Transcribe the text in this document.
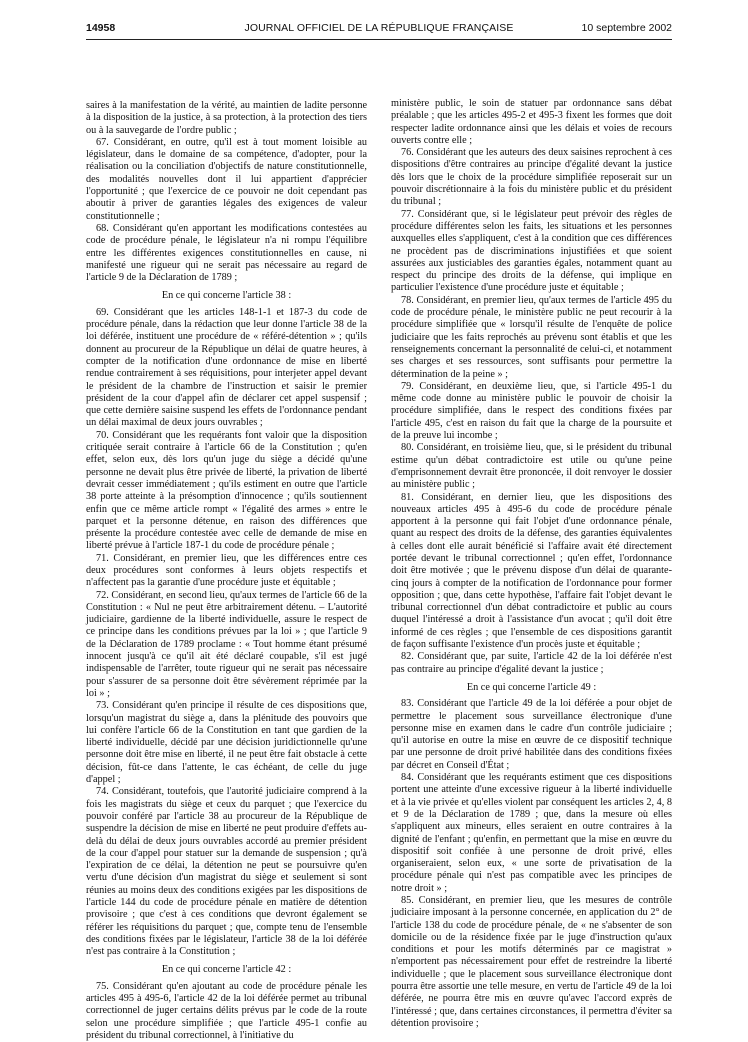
14958	JOURNAL OFFICIEL DE LA RÉPUBLIQUE FRANÇAISE	10 septembre 2002

saires à la manifestation de la vérité, au maintien de ladite personne à la disposition de la justice, à sa protection, à la protection des tiers ou à la sauvegarde de l'ordre public ;

67. Considérant, en outre, qu'il est à tout moment loisible au législateur, dans le domaine de sa compétence, d'adopter, pour la réalisation ou la conciliation d'objectifs de nature constitutionnelle, des modalités nouvelles dont il lui appartient d'apprécier l'opportunité ; que l'exercice de ce pouvoir ne doit cependant pas aboutir à priver de garanties légales des exigences de valeur constitutionnelle ;

68. Considérant qu'en apportant les modifications contestées au code de procédure pénale, le législateur n'a ni rompu l'équilibre entre les différentes exigences constitutionnelles en cause, ni manifesté une rigueur qui ne serait pas nécessaire au regard de l'article 9 de la Déclaration de 1789 ;

En ce qui concerne l'article 38 :

69. Considérant que les articles 148-1-1 et 187-3 du code de procédure pénale, dans la rédaction que leur donne l'article 38 de la loi déférée, instituent une procédure de « référé-détention » ; qu'ils donnent au procureur de la République un délai de quatre heures, à compter de la notification d'une ordonnance de mise en liberté rendue contrairement à ses réquisitions, pour interjeter appel devant le président de la chambre de l'instruction et saisir le premier président de la cour d'appel afin de déclarer cet appel suspensif ; que cette dernière saisine suspend les effets de l'ordonnance pendant un délai maximal de deux jours ouvrables ;

70. Considérant que les requérants font valoir que la disposition critiquée serait contraire à l'article 66 de la Constitution ; qu'en effet, selon eux, dès lors qu'un juge du siège a décidé qu'une personne ne devait plus être privée de liberté, la privation de liberté devrait cesser immédiatement ; qu'ils estiment en outre que l'article 38 porte atteinte à la présomption d'innocence ; qu'ils soutiennent enfin que ce même article rompt « l'égalité des armes » entre le parquet et la personne détenue, en raison des différences que présente la procédure contestée avec celle de demande de mise en liberté prévue à l'article 187-1 du code de procédure pénale ;

71. Considérant, en premier lieu, que les différences entre ces deux procédures sont conformes à leurs objets respectifs et n'affectent pas la garantie d'une procédure juste et équitable ;

72. Considérant, en second lieu, qu'aux termes de l'article 66 de la Constitution : « Nul ne peut être arbitrairement détenu. – L'autorité judiciaire, gardienne de la liberté individuelle, assure le respect de ce principe dans les conditions prévues par la loi » ; que l'article 9 de la Déclaration de 1789 proclame : « Tout homme étant présumé innocent jusqu'à ce qu'il ait été déclaré coupable, s'il est jugé indispensable de l'arrêter, toute rigueur qui ne serait pas nécessaire pour s'assurer de sa personne doit être sévèrement réprimée par la loi » ;

73. Considérant qu'en principe il résulte de ces dispositions que, lorsqu'un magistrat du siège a, dans la plénitude des pouvoirs que lui confère l'article 66 de la Constitution en tant que gardien de la liberté individuelle, décidé par une décision juridictionnelle qu'une personne doit être mise en liberté, il ne peut être fait obstacle à cette décision, fût-ce dans l'attente, le cas échéant, de celle du juge d'appel ;

74. Considérant, toutefois, que l'autorité judiciaire comprend à la fois les magistrats du siège et ceux du parquet ; que l'exercice du pouvoir conféré par l'article 38 au procureur de la République de suspendre la décision de mise en liberté ne peut produire d'effets au-delà du délai de deux jours ouvrables accordé au premier président de la cour d'appel pour statuer sur la demande de suspension ; qu'à l'expiration de ce délai, la détention ne peut se poursuivre qu'en vertu d'une décision d'un magistrat du siège et seulement si sont réunies au moins deux des conditions exigées par les dispositions de l'article 144 du code de procédure pénale en matière de détention provisoire ; que c'est à ces conditions que devront également se référer les réquisitions du parquet ; que, compte tenu de l'ensemble des conditions fixées par le législateur, l'article 38 de la loi déférée n'est pas contraire à la Constitution ;

En ce qui concerne l'article 42 :

75. Considérant qu'en ajoutant au code de procédure pénale les articles 495 à 495-6, l'article 42 de la loi déférée permet au tribunal correctionnel de juger certains délits prévus par le code de la route selon une procédure simplifiée ; que l'article 495-1 confie au président du tribunal correctionnel, à l'initiative du

ministère public, le soin de statuer par ordonnance sans débat préalable ; que les articles 495-2 et 495-3 fixent les formes que doit respecter ladite ordonnance ainsi que les délais et voies de recours ouverts contre elle ;

76. Considérant que les auteurs des deux saisines reprochent à ces dispositions d'être contraires au principe d'égalité devant la justice dès lors que le choix de la procédure simplifiée reposerait sur un pouvoir discrétionnaire à la fois du ministère public et du président du tribunal ;

77. Considérant que, si le législateur peut prévoir des règles de procédure différentes selon les faits, les situations et les personnes auxquelles elles s'appliquent, c'est à la condition que ces différences ne procèdent pas de discriminations injustifiées et que soient assurées aux justiciables des garanties égales, notamment quant au respect du principe des droits de la défense, qui implique en particulier l'existence d'une procédure juste et équitable ;

78. Considérant, en premier lieu, qu'aux termes de l'article 495 du code de procédure pénale, le ministère public ne peut recourir à la procédure simplifiée que « lorsqu'il résulte de l'enquête de police judiciaire que les faits reprochés au prévenu sont établis et que les renseignements concernant la personnalité de celui-ci, et notamment ses charges et ses ressources, sont suffisants pour permettre la détermination de la peine » ;

79. Considérant, en deuxième lieu, que, si l'article 495-1 du même code donne au ministère public le pouvoir de choisir la procédure simplifiée, dans le respect des conditions fixées par l'article 495, c'est en raison du fait que la charge de la poursuite et de la preuve lui incombe ;

80. Considérant, en troisième lieu, que, si le président du tribunal estime qu'un débat contradictoire est utile ou qu'une peine d'emprisonnement devrait être prononcée, il doit renvoyer le dossier au ministère public ;

81. Considérant, en dernier lieu, que les dispositions des nouveaux articles 495 à 495-6 du code de procédure pénale apportent à la personne qui fait l'objet d'une ordonnance pénale, quant au respect des droits de la défense, des garanties équivalentes à celles dont elle aurait bénéficié si l'affaire avait été directement portée devant le tribunal correctionnel ; qu'en effet, l'ordonnance doit être motivée ; que le prévenu dispose d'un délai de quarante-cinq jours à compter de la notification de l'ordonnance pour former opposition ; que, dans cette hypothèse, l'affaire fait l'objet devant le tribunal correctionnel d'un débat contradictoire et public au cours duquel l'intéressé a droit à l'assistance d'un avocat ; qu'il doit être informé de ces règles ; que l'ensemble de ces dispositions garantit de façon suffisante l'existence d'un procès juste et équitable ;

82. Considérant que, par suite, l'article 42 de la loi déférée n'est pas contraire au principe d'égalité devant la justice ;

En ce qui concerne l'article 49 :

83. Considérant que l'article 49 de la loi déférée a pour objet de permettre le placement sous surveillance électronique d'une personne mise en examen dans le cadre d'un contrôle judiciaire ; qu'il autorise en outre la mise en œuvre de ce dispositif technique par une personne de droit privé habilitée dans des conditions fixées par décret en Conseil d'État ;

84. Considérant que les requérants estiment que ces dispositions portent une atteinte d'une excessive rigueur à la liberté individuelle et à la vie privée et qu'elles violent par conséquent les articles 2, 4, 8 et 9 de la Déclaration de 1789 ; que, dans la mesure où elles s'appliquent aux mineurs, elles seraient en outre contraires à la dignité de l'enfant ; qu'enfin, en permettant que la mise en œuvre du dispositif soit confiée à une personne de droit privé, elles organiseraient, selon eux, « une sorte de privatisation de la procédure pénale qui n'est pas compatible avec les principes de notre droit » ;

85. Considérant, en premier lieu, que les mesures de contrôle judiciaire imposant à la personne concernée, en application du 2° de l'article 138 du code de procédure pénale, de « ne s'absenter de son domicile ou de la résidence fixée par le juge d'instruction qu'aux conditions et pour les motifs déterminés par ce magistrat » n'emportent pas nécessairement pour effet de restreindre la liberté individuelle ; que le placement sous surveillance électronique dont pourra être assortie une telle mesure, en vertu de l'article 49 de la loi déférée, ne pourra être mis en œuvre qu'avec l'accord exprès de l'intéressé ; que, dans certaines circonstances, il permettra d'éviter sa détention provisoire ;
